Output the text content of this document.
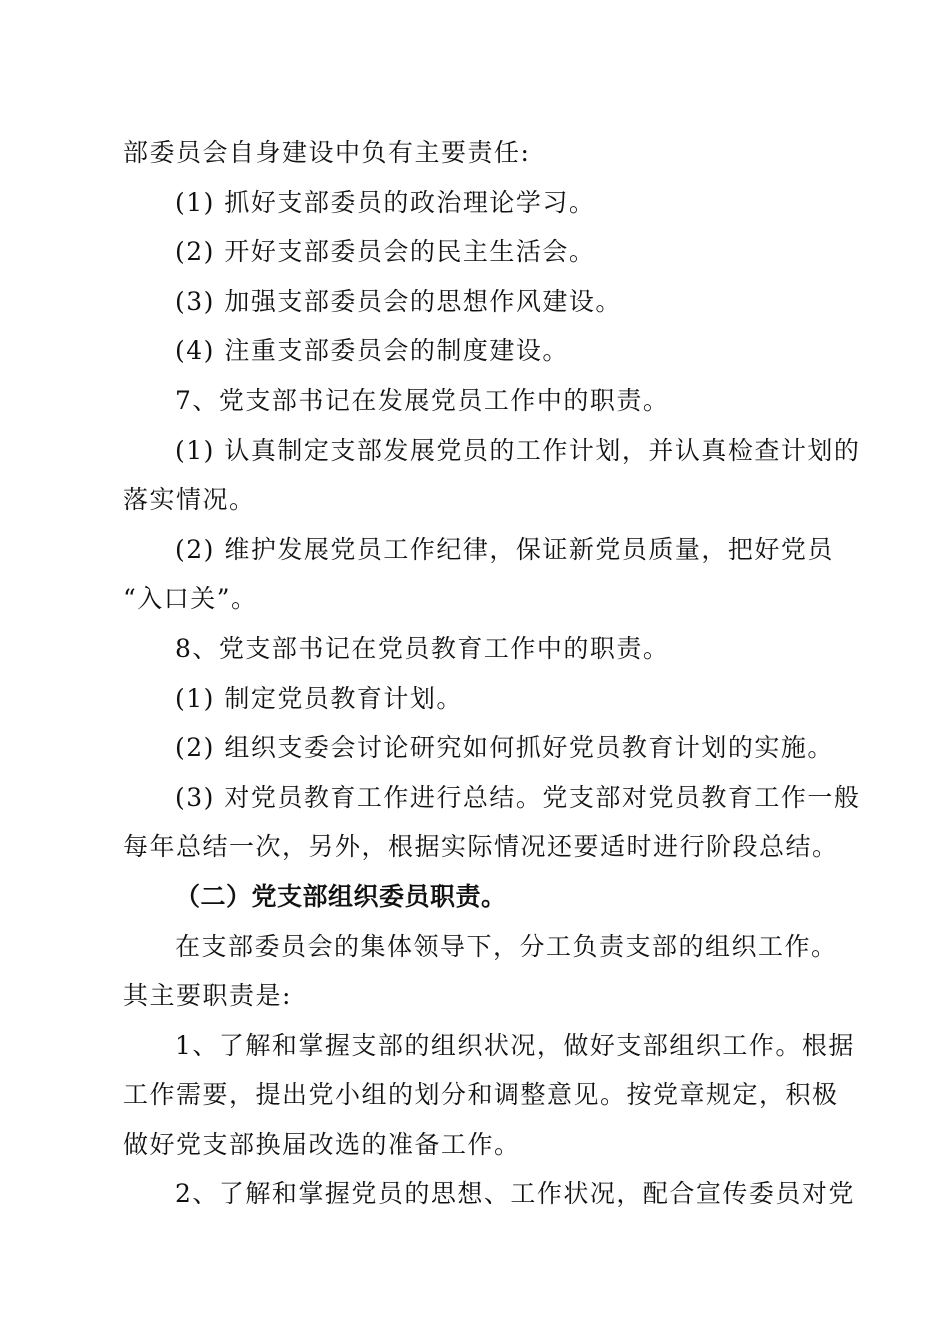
部委员会自身建设中负有主要责任:
(1) 抓好支部委员的政治理论学习。
(2) 开好支部委员会的民主生活会。
(3) 加强支部委员会的思想作风建设。
(4) 注重支部委员会的制度建设。
7、党支部书记在发展党员工作中的职责。
(1) 认真制定支部发展党员的工作计划，并认真检查计划的
落实情况。
(2) 维护发展党员工作纪律，保证新党员质量，把好党员
“入口关”。
8、党支部书记在党员教育工作中的职责。
(1) 制定党员教育计划。
(2) 组织支委会讨论研究如何抓好党员教育计划的实施。
(3) 对党员教育工作进行总结。党支部对党员教育工作一般
每年总结一次，另外，根据实际情况还要适时进行阶段总结。
（二）党支部组织委员职责。
在支部委员会的集体领导下，分工负责支部的组织工作。
其主要职责是:
1、了解和掌握支部的组织状况，做好支部组织工作。根据
工作需要，提出党小组的划分和调整意见。按党章规定，积极
做好党支部换届改选的准备工作。
2、了解和掌握党员的思想、工作状况，配合宣传委员对党
